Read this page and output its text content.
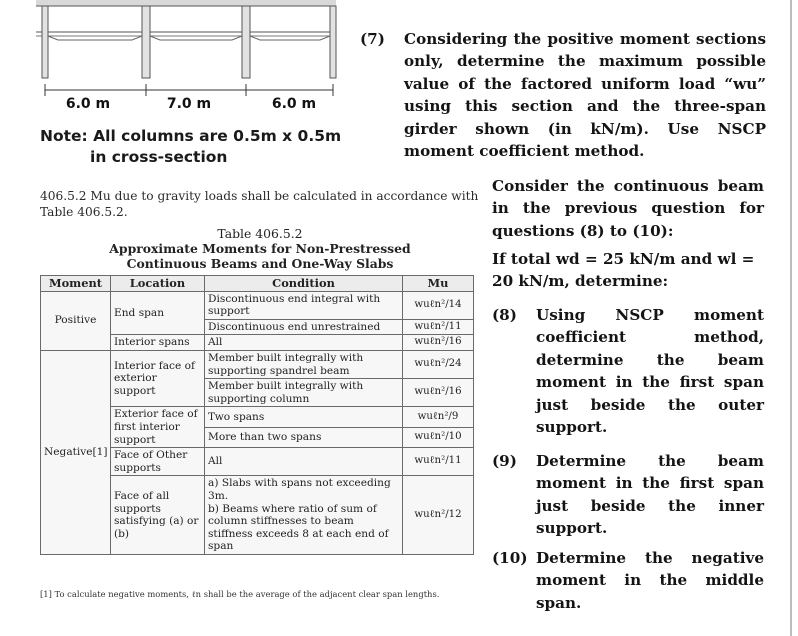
6.0 m	7.0 m	6.0 m
Note: All columns are 0.5m x 0.5m
in cross-section
(7) Considering the positive moment sections only, determine the maximum possible value of the factored uniform load “wu” using this section and the three-span girder shown (in kN/m). Use NSCP moment coefficient method.
Consider the continuous beam in the previous question for questions (8) to (10):
If total wd = 25 kN/m and wl =
20 kN/m, determine:
(8) Using NSCP moment coefficient method, determine the beam moment in the first span just beside the outer support.
(9) Determine the beam moment in the first span just beside the inner support.
(10) Determine the negative moment in the middle span.
406.5.2 Mu due to gravity loads shall be calculated in accordance with Table 406.5.2.
Table 406.5.2
Approximate Moments for Non-Prestressed
Continuous Beams and One-Way Slabs
Moment	Location	Condition	Mu
Positive	End span	Discontinuous end integral with support	wuℓn²/14
		Discontinuous end unrestrained	wuℓn²/11
	Interior spans	All	wuℓn²/16
Negative[1]	Interior face of exterior support	Member built integrally with supporting spandrel beam	wuℓn²/24
		Member built integrally with supporting column	wuℓn²/16
	Exterior face of first interior support	Two spans	wuℓn²/9
		More than two spans	wuℓn²/10
	Face of Other supports	All	wuℓn²/11
	Face of all supports satisfying (a) or (b)	a) Slabs with spans not exceeding 3m.
b) Beams where ratio of sum of column stiffnesses to beam stiffness exceeds 8 at each end of span	wuℓn²/12
[1] To calculate negative moments, ℓn shall be the average of the adjacent clear span lengths.
